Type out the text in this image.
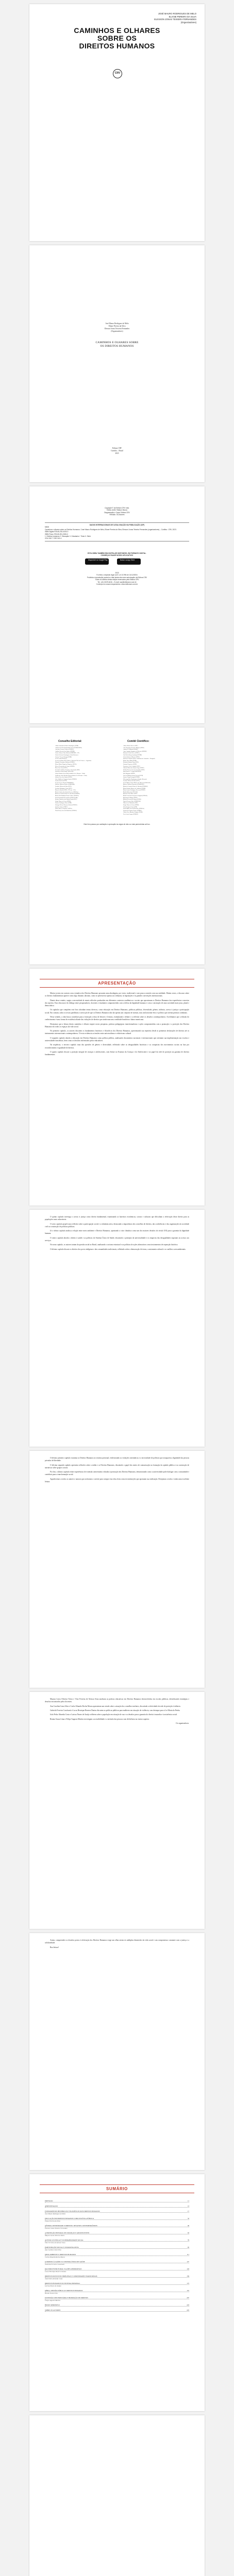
JOSÉ MAURO RODRIGUES DE MELO
ELIANE PEREIRA DA SILVA
ELESSON JONAS TEIXEIRA FERNANDES
(Organizadores)
CAMINHOS E OLHARES
SOBRE OS
DIREITOS HUMANOS
CRV
José Mauro Rodrigues de Melo
Eliane Pereira da Silva
Elesson Jonas Teixeira Fernandes
(Organizadores)
CAMINHOS E OLHARES SOBRE
OS DIREITOS HUMANOS
Editora CRV
Curitiba – Brasil
2023
Copyright © da Editora CRV Ltda.
Editor-chefe: Railson Moura
Diagramação e Capa: Editora CRV
Revisão: Os Autores
DADOS INTERNACIONAIS DE CATALOGAÇÃO NA PUBLICAÇÃO (CIP)
M528
Caminhos e olhares sobre os Direitos Humanos / José Mauro Rodrigues de Melo, Eliane Pereira da Silva, Elesson Jonas Teixeira Fernandes (organizadores) – Curitiba : CRV, 2023.
ISBN Digital 978-65-251-0000-0
ISBN Físico 978-65-251-0000-0
1. Direitos humanos 2. Educação 3. Cidadania I. Título II. Série
CDU 342.7 CDD 341.4
ESTA OBRA TAMBÉM ENCONTRA-SE DISPONÍVEL EM FORMATO DIGITAL.
CONHEÇA E BAIXE NOSSO APLICATIVO!
Disponível no Google Play	Baixar na App Store
2023
Foi feito o depósito legal conf. Lei 10.994 de 14/12/2004
Proibida a reprodução parcial ou total desta obra sem autorização da Editora CRV
Todos os direitos desta edição reservados pela Editora CRV
Tel.: (41) 3029-6416 – E-mail: sac@editoracrv.com.br
Conheça os nossos lançamentos: www.editoracrv.com.br
Conselho Editorial:	Comitê Científico:
Aldira Guimarães Duarte Domínguez (UNB)
Andréia da Silva Quintanilha Sousa (UNIR/UFRN)
Anselmo Alencar Colares (UFOPA)
Antônio Pereira Gaio Júnior (UFRRJ)
Carlos Alberto Vilar Estêvão (UMINHO – PT)
Carlos Federico Dominguez Avila (Unieuro)
Carmen Tereza Velanga (UNIR)
Celso Conti (UFSCar)
Cesar Gerónimo Tello (Univer. Nacional Três de Febrero – Argentina)
Eduardo Fernandes Barbosa (UFMG)
Elione Maria Nogueira Diogenes (UFAL)
Elizeu Clementino de Souza (UNEB)
Élsio José Corá (UFFS)
Fernando Antônio Gonçalves Alcoforado (IPB)
Francisco Carlos Duarte (PUC-PR)
Gloria Fariñas León (Universidade de La Havana – Cuba)
Guillermo Arias Beatón (Universidade de La Havana – Cuba)
Jailson Alves dos Santos (UFRJ)
João Adalberto Campato Junior (UNESP)
Josania Portela (UFPI)
Leonel Severo Rocha (UNISINOS)
Lídia de Oliveira Xavier (UNIEURO)
Lourdes Helena da Silva (UFV)
Luciano Rodrigues Costa (UFV)
Marcelo Paixão (UFRJ e UTexas – US)
Maria Cristina dos Santos Bezerra (UFSCar)
Maria de Lourdes Pinto de Almeida (UNOESC)
Maria Lília Imbiriba Sousa Colares (UFOPA)
Paulo Romualdo Hernandes (UNIFAL-MG)
Renato Francisco dos Santos Paula (UFG)
Sérgio Nunes de Jesus (IFRO)
Simone Rodrigues Pinto (UNB)
Solange Helena Ximenes-Rocha (UFOPA)
Sydione Santos (UEPG)
Tadeu Oliver Gonçalves (UFPA)
Tania Suely Azevedo Brasileiro (UFOPA)
Altair Alberto Fávero (UPF)
Ana Chrystina Venancio Mignot (UERJ)
Andréia N. Militão (UEMS)
Anna Augusta Sampaio de Oliveira (UNESP)
Barbara Coelho Neves (UFBA)
Cati Reckelberg Azambuja (UFSM)
Cássio Roberto Ribeiro (UFES)
Diosnel Centurion (Univ. Autónoma de Asunción – Paraguai)
Eliane Rose Maio (UEM)
Elizabeth Batista Pinto (UPE)
Fauston Negreiros (UFPI)
Francisco Ari de Andrade (UFC)
Gláucia Maria dos Santos Jorge (UFOP)
Helder Buenos Aires de Carvalho (UFPI)
Ilma Passos A. Veiga (UNICEUB)
Inês Bragança (UERJ)
José de Ribamar Sousa Pereira (UCB)
Jussara Fraga Portugal (UNEB)
Kilwangy Kya Kapitango-a-Samba (Unemat)
Lourdes Helena da Silva (UFV)
Lucia Marisy Souza Ribeiro de Oliveira (UNIVASF)
Marcos Vinicius Francisco (UNOESTE)
Maria de Lourdes Pinto de Almeida (UNOESC)
Maria Eurácia Barreto de Andrade (UFRB)
Maria Lurdes Rodrigues Bezerra (UFRPE)
Marília Morosini (PUC-RS)
Marisol Vieira Melo (UFT)
Michel Lucchesi Gonçalves Salgado (UFRGS)
Mohammed Elhajji (UFRJ)
Mônica Pereira dos Santos (UFRJ)
Najela Tavares Ujiie (UNESPAR)
Nilson José Machado (USP)
Sérgio Nunes de Jesus (IFRO)
Silvia Regina Canan (URI)
Sonia Maria Ferreira Koehler (UNISAL)
Suzana dos Santos Gomes (UFMG)
Vânia Alves Martins Chaigar (FURG)
Vera Lucia Gaspar (UDESC)
Este livro passou por avaliação e aprovação às cegas de dois ou mais pareceristas ad hoc.
APRESENTAÇÃO

Muitos jovens em contato com a temática dos Direitos Humanos possuem uma abordagem, por vezes, tradicional e com pouca conexão com sua realidade. Muitas vezes, o discurso sobre os direitos fundamentais aparece como algo distante, abstrato, como se pertencesse apenas aos tribunais, às legislações e às grandes convenções internacionais.

Diante desse cenário, surgiu a necessidade de reunir reflexões produzidas em diferentes contextos acadêmicos e sociais que aproximam os Direitos Humanos das experiências concretas dos sujeitos. Esta obra nasce do diálogo entre pesquisadores, docentes e estudantes comprometidos com a defesa da dignidade humana e com a construção de uma sociedade mais justa, plural e democrática.

Os capítulos que compõem este livro abordam temas diversos, como educação em Direitos Humanos, políticas públicas, diversidade, gênero, infância, acesso à justiça e participação social. Em comum, todos os textos partilham a convicção de que os Direitos Humanos não são apenas um conjunto de normas, mas um horizonte ético e político que orienta práticas cotidianas.

Nesse sentido, a obra busca contribuir para a formação crítica de leitores e leitoras, estimulando o debate e a reflexão sobre os desafios contemporâneos. Acreditamos que a difusão do conhecimento é uma forma de resistência diante das violações de direitos que ainda marcam a realidade brasileira e latino-americana.

Desejamos que a leitura destes caminhos e olhares inspire novas pesquisas, práticas pedagógicas transformadoras e ações comprometidas com a promoção e a proteção dos Direitos Humanos em todos os espaços da vida social.

No primeiro capítulo, os autores discutem os fundamentos históricos e filosóficos dos Direitos Humanos, apresentando sua trajetória desde as primeiras declarações de direitos até os instrumentos internacionais contemporâneos. O texto evidencia as tensões entre universalismo e relativismo cultural.

O segundo capítulo aborda a educação em Direitos Humanos como política pública, analisando documentos nacionais e internacionais que orientam sua implementação nas escolas e universidades brasileiras, bem como os desafios enfrentados pelos educadores.

Na sequência, o terceiro capítulo trata das questões de gênero e diversidade, refletindo sobre as desigualdades históricas e as conquistas dos movimentos sociais na luta por reconhecimento e igualdade de direitos.

O quarto capítulo discute a proteção integral de crianças e adolescentes, com ênfase no Estatuto da Criança e do Adolescente e no papel da rede de proteção na garantia de direitos fundamentais.

O quinto capítulo investiga o acesso à justiça como direito fundamental, examinando as barreiras econômicas, sociais e culturais que dificultam a efetivação desse direito para as populações mais vulneráveis.

O sexto capítulo propõe uma reflexão sobre a participação social e a cidadania ativa, destacando a importância dos conselhos de direitos, das conferências e das organizações da sociedade civil na construção de políticas públicas.

Já o sétimo capítulo analisa a relação entre meio ambiente e Direitos Humanos, apontando a crise climática como um dos maiores desafios do século XXI para a garantia da dignidade humana.

O oitavo capítulo aborda o direito à saúde e as políticas do Sistema Único de Saúde, discutindo o princípio da universalidade e os impactos das desigualdades regionais no acesso aos serviços.

No nono capítulo, os autores tratam da questão racial no Brasil, analisando o racismo estrutural e as políticas de ações afirmativas como instrumentos de reparação histórica.

O décimo capítulo discute os direitos dos povos indígenas e das comunidades tradicionais, refletindo sobre a demarcação de terras, a autonomia cultural e os conflitos socioambientais.

O décimo primeiro capítulo examina os Direitos Humanos no sistema prisional, evidenciando as violações sistemáticas e a necessidade de políticas que assegurem a dignidade das pessoas privadas de liberdade.

O décimo segundo capítulo apresenta reflexões sobre a mídia e os Direitos Humanos, discutindo o papel dos meios de comunicação na formação da opinião pública e na construção de narrativas sobre grupos sociais.

Por fim, o último capítulo reúne experiências de extensão universitária voltadas à promoção dos Direitos Humanos, demonstrando como a universidade pode dialogar com a comunidade e contribuir para a transformação social.

Agradecemos a todos os autores e autoras que aceitaram o convite para compor esta obra, bem como às instituições que apoiaram sua realização. Desejamos a todos e todas uma excelente leitura.

Mayara Lúcia Oliveira Vieira e Vitor Ferreira de Alencar Sena analisam as práticas educativas em Direitos Humanos desenvolvidas em escolas públicas, identificando estratégias e desafios encontrados pelos docentes.

Ana Caroline Lima Silva e Carlos Eduardo Rocha Moura apresentam um estudo sobre a atuação dos conselhos tutelares, discutindo a efetividade da rede de proteção à infância.

Gabriela Ferreira Cavalcanti e Lucas Henrique Bezerra Dantas discutem as políticas públicas para mulheres em situação de violência, com destaque para a Lei Maria da Penha.

João Pedro Almeida Costa e Larissa Nunes de Araújo refletem sobre a população em situação de rua e os desafios para a garantia do direito à moradia e à assistência social.

Renata Souza Lima e Felipe Augusto Martins investigam a acessibilidade e a inclusão das pessoas com deficiência no ensino superior.

Os organizadores.

Assim, compreender os desafios postos à efetivação dos Direitos Humanos exige um olhar atento às múltiplas dimensões da vida social e um compromisso constante com a justiça e a solidariedade.

Boa leitura!

SUMÁRIO
PREFÁCIO	11
APRESENTAÇÃO	13
FUNDAMENTOS HISTÓRICOS E FILOSÓFICOS DOS DIREITOS HUMANOS	17
José Mauro Rodrigues de Melo
EDUCAÇÃO EM DIREITOS HUMANOS COMO POLÍTICA PÚBLICA	33
Eliane Pereira da Silva
GÊNERO, DIVERSIDADE E DIREITOS: DESAFIOS CONTEMPORÂNEOS	49
Elesson Jonas Teixeira Fernandes
A PROTEÇÃO INTEGRAL DE CRIANÇAS E ADOLESCENTES	63
Mayara Lúcia Oliveira Vieira
ACESSO À JUSTIÇA E VULNERABILIDADE SOCIAL	79
Vitor Ferreira de Alencar Sena
PARTICIPAÇÃO SOCIAL E CIDADANIA ATIVA	95
Ana Caroline Lima Silva
MEIO AMBIENTE E DIREITOS HUMANOS	111
Carlos Eduardo Rocha Moura
O DIREITO À SAÚDE E O SISTEMA ÚNICO DE SAÚDE	127
Gabriela Ferreira Cavalcanti
RACISMO ESTRUTURAL E AÇÕES AFIRMATIVAS	143
Lucas Henrique Bezerra Dantas
DIREITOS DOS POVOS INDÍGENAS E COMUNIDADES TRADICIONAIS	159
João Pedro Almeida Costa
DIREITOS HUMANOS NO SISTEMA PRISIONAL	175
Larissa Nunes de Araújo
MÍDIA, OPINIÃO PÚBLICA E DIREITOS HUMANOS	191
Renata Souza Lima
EXTENSÃO UNIVERSITÁRIA E PROMOÇÃO DE DIREITOS	207
Felipe Augusto Martins
ÍNDICE REMISSIVO	223
SOBRE OS AUTORES	225
